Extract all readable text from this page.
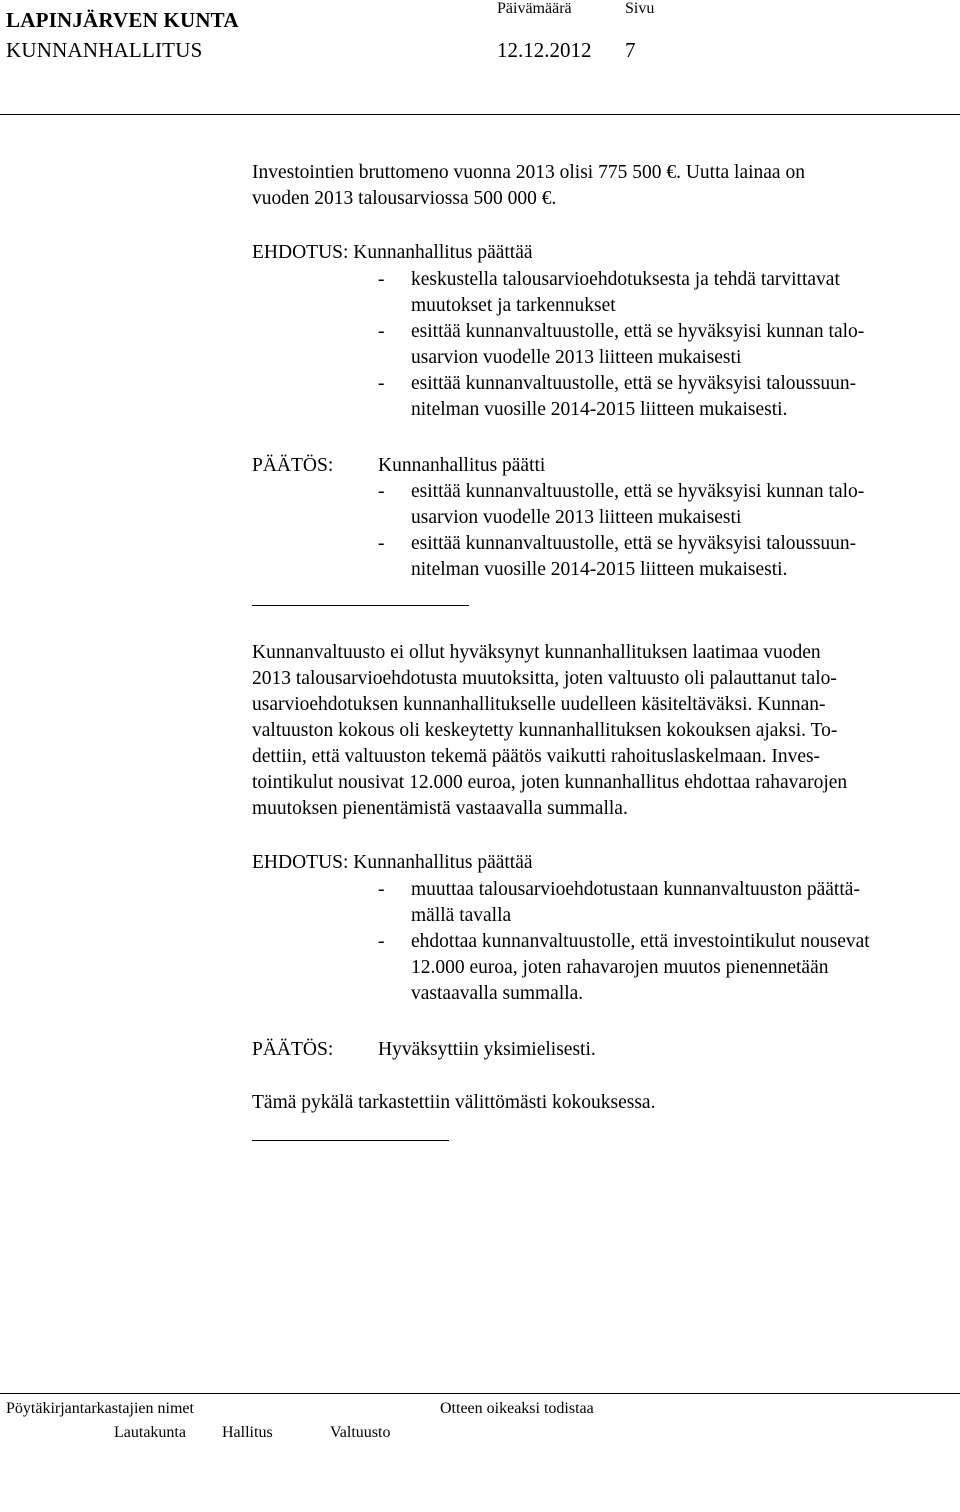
LAPINJÄRVEN KUNTA
KUNNANHALLITUS
Päivämäärä	Sivu
12.12.2012 7
Investointien bruttomeno vuonna 2013 olisi 775 500 €. Uutta lainaa on
vuoden 2013 talousarviossa 500 000 €.
EHDOTUS: Kunnanhallitus päättää
- keskustella talousarvioehdotuksesta ja tehdä tarvittavat
muutokset ja tarkennukset
- esittää kunnanvaltuustolle, että se hyväksyisi kunnan talo-
usarvion vuodelle 2013 liitteen mukaisesti
- esittää kunnanvaltuustolle, että se hyväksyisi taloussuun-
nitelman vuosille 2014-2015 liitteen mukaisesti.
PÄÄTÖS: Kunnanhallitus päätti
- esittää kunnanvaltuustolle, että se hyväksyisi kunnan talo-
usarvion vuodelle 2013 liitteen mukaisesti
- esittää kunnanvaltuustolle, että se hyväksyisi taloussuun-
nitelman vuosille 2014-2015 liitteen mukaisesti.
Kunnanvaltuusto ei ollut hyväksynyt kunnanhallituksen laatimaa vuoden
2013 talousarvioehdotusta muutoksitta, joten valtuusto oli palauttanut talo-
usarvioehdotuksen kunnanhallitukselle uudelleen käsiteltäväksi. Kunnan-
valtuuston kokous oli keskeytetty kunnanhallituksen kokouksen ajaksi. To-
dettiin, että valtuuston tekemä päätös vaikutti rahoituslaskelmaan. Inves-
tointikulut nousivat 12.000 euroa, joten kunnanhallitus ehdottaa rahavarojen
muutoksen pienentämistä vastaavalla summalla.
EHDOTUS: Kunnanhallitus päättää
- muuttaa talousarvioehdotustaan kunnanvaltuuston päättä-
mällä tavalla
- ehdottaa kunnanvaltuustolle, että investointikulut nousevat
12.000 euroa, joten rahavarojen muutos pienennetään
vastaavalla summalla.
PÄÄTÖS: Hyväksyttiin yksimielisesti.
Tämä pykälä tarkastettiin välittömästi kokouksessa.
Pöytäkirjantarkastajien nimet	Otteen oikeaksi todistaa
Lautakunta Hallitus	Valtuusto
